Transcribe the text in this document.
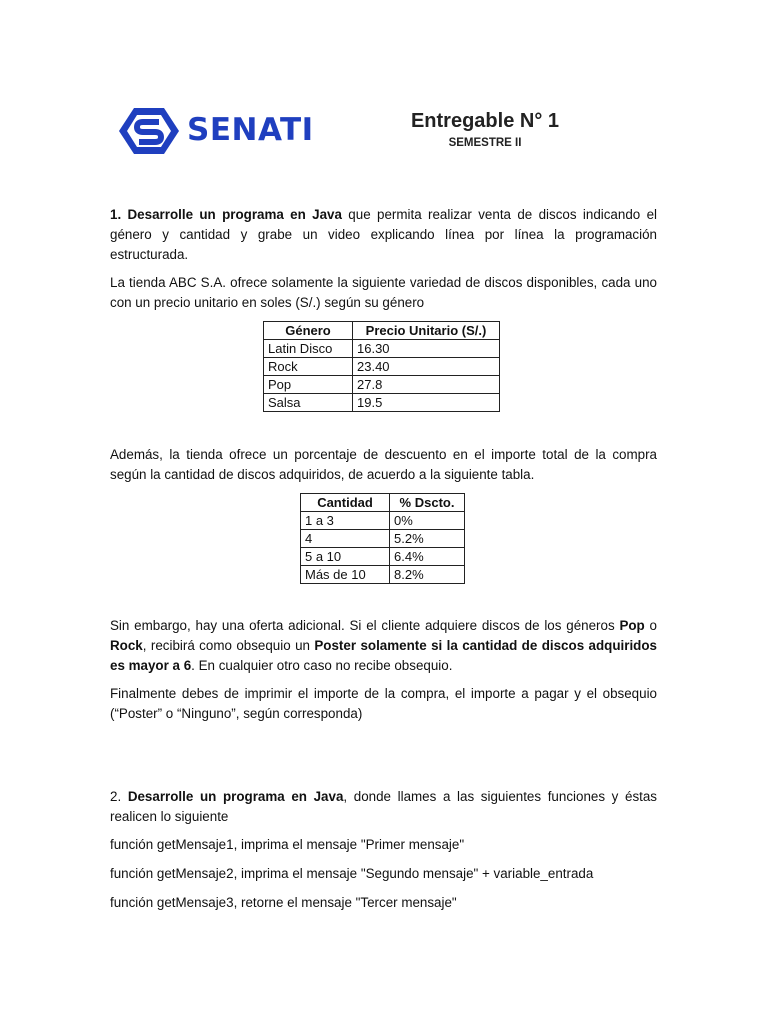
SENATI	Entregable N° 1
SEMESTRE II

1. Desarrolle un programa en Java que permita realizar venta de discos indicando el género y cantidad y grabe un video explicando línea por línea la programación estructurada.

La tienda ABC S.A. ofrece solamente la siguiente variedad de discos disponibles, cada uno con un precio unitario en soles (S/.) según su género

Género	Precio Unitario (S/.)
Latin Disco	16.30
Rock	23.40
Pop	27.8
Salsa	19.5

Además, la tienda ofrece un porcentaje de descuento en el importe total de la compra según la cantidad de discos adquiridos, de acuerdo a la siguiente tabla.

Cantidad	% Dscto.
1 a 3	0%
4	5.2%
5 a 10	6.4%
Más de 10	8.2%

Sin embargo, hay una oferta adicional. Si el cliente adquiere discos de los géneros Pop o Rock, recibirá como obsequio un Poster solamente si la cantidad de discos adquiridos es mayor a 6. En cualquier otro caso no recibe obsequio.

Finalmente debes de imprimir el importe de la compra, el importe a pagar y el obsequio (“Poster” o “Ninguno”, según corresponda)

2. Desarrolle un programa en Java, donde llames a las siguientes funciones y éstas realicen lo siguiente

función getMensaje1, imprima el mensaje "Primer mensaje"
función getMensaje2, imprima el mensaje "Segundo mensaje" + variable_entrada
función getMensaje3, retorne el mensaje "Tercer mensaje"
